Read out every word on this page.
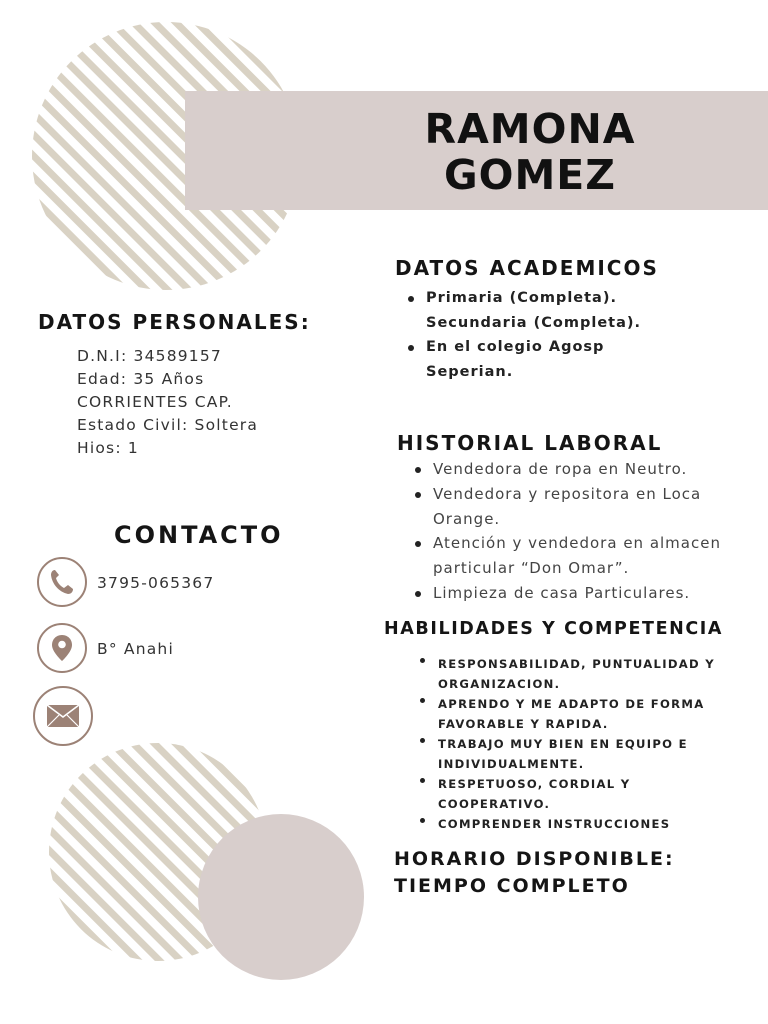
RAMONA
GOMEZ
DATOS PERSONALES:
D.N.I: 34589157
Edad: 35 Años
CORRIENTES CAP.
Estado Civil: Soltera
Hios: 1
CONTACTO
3795-065367
B° Anahi
DATOS ACADEMICOS
Primaria (Completa). Secundaria (Completa).
En el colegio Agosp Seperian.
HISTORIAL LABORAL
Vendedora de ropa en Neutro.
Vendedora y repositora en Loca Orange.
Atención y vendedora en almacen particular “Don Omar”.
Limpieza de casa Particulares.
HABILIDADES Y COMPETENCIA
RESPONSABILIDAD, PUNTUALIDAD Y ORGANIZACION.
APRENDO Y ME ADAPTO DE FORMA FAVORABLE Y RAPIDA.
TRABAJO MUY BIEN EN EQUIPO E INDIVIDUALMENTE.
RESPETUOSO, CORDIAL Y COOPERATIVO.
COMPRENDER INSTRUCCIONES
HORARIO DISPONIBLE:
TIEMPO COMPLETO
